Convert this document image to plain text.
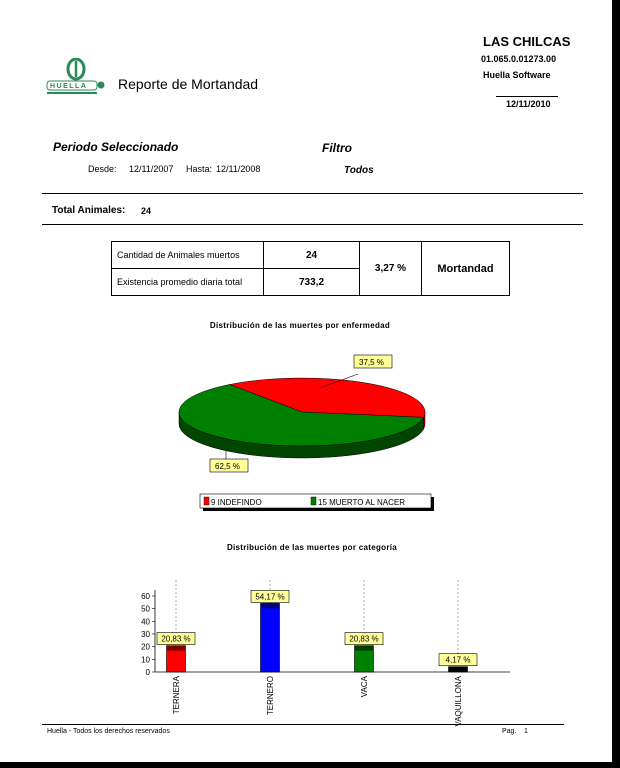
LAS CHILCAS
01.065.0.01273.00
Huella Software
12/11/2010
HUELLA Reporte de Mortandad
Periodo Seleccionado	Filtro
Desde: 12/11/2007 Hasta: 12/11/2008	Todos
Total Animales: 24
Cantidad de Animales muertos	24	3,27 %	Mortandad
Existencia promedio diaria total	733,2		
Distribución de las muertes por enfermedad
Distribución de las muertes por categoría
37,5 %
62,5 %
9 INDEFINDO	15 MUERTO AL NACER
0
10
20
30
40
50
60
20,83 %
TERNERA
54,17 %
TERNERO
20,83 %
VACA
4,17 %
VAQUILLONA
Huella - Todos los derechos reservados	Pag. 1
